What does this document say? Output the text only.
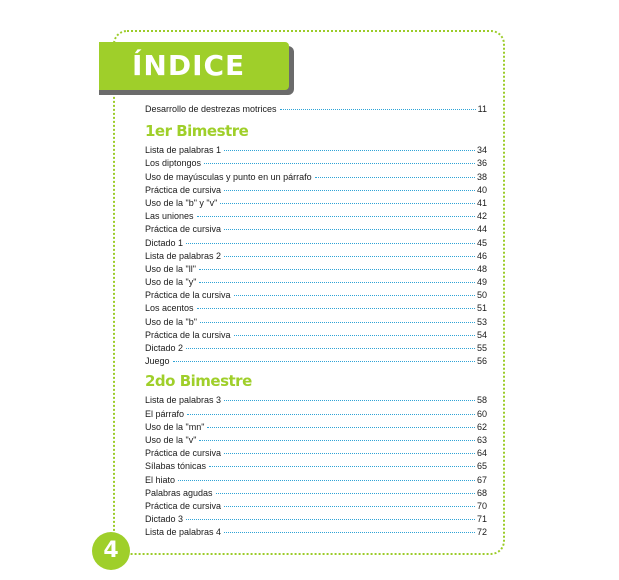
ÍNDICE
Desarrollo de destrezas motrices	11
1er Bimestre
Lista de palabras 1	34
Los diptongos	36
Uso de mayúsculas y punto en un párrafo	38
Práctica de cursiva	40
Uso de la "b" y "v"	41
Las uniones	42
Práctica de cursiva	44
Dictado 1	45
Lista de palabras 2	46
Uso de la "ll"	48
Uso de la "y"	49
Práctica de la cursiva	50
Los acentos	51
Uso de la "b"	53
Práctica de la cursiva	54
Dictado 2	55
Juego	56
2do Bimestre
Lista de palabras 3	58
El párrafo	60
Uso de la "mn"	62
Uso de la "v"	63
Práctica de cursiva	64
Sílabas tónicas	65
El hiato	67
Palabras agudas	68
Práctica de cursiva	70
Dictado 3	71
Lista de palabras 4	72
4
